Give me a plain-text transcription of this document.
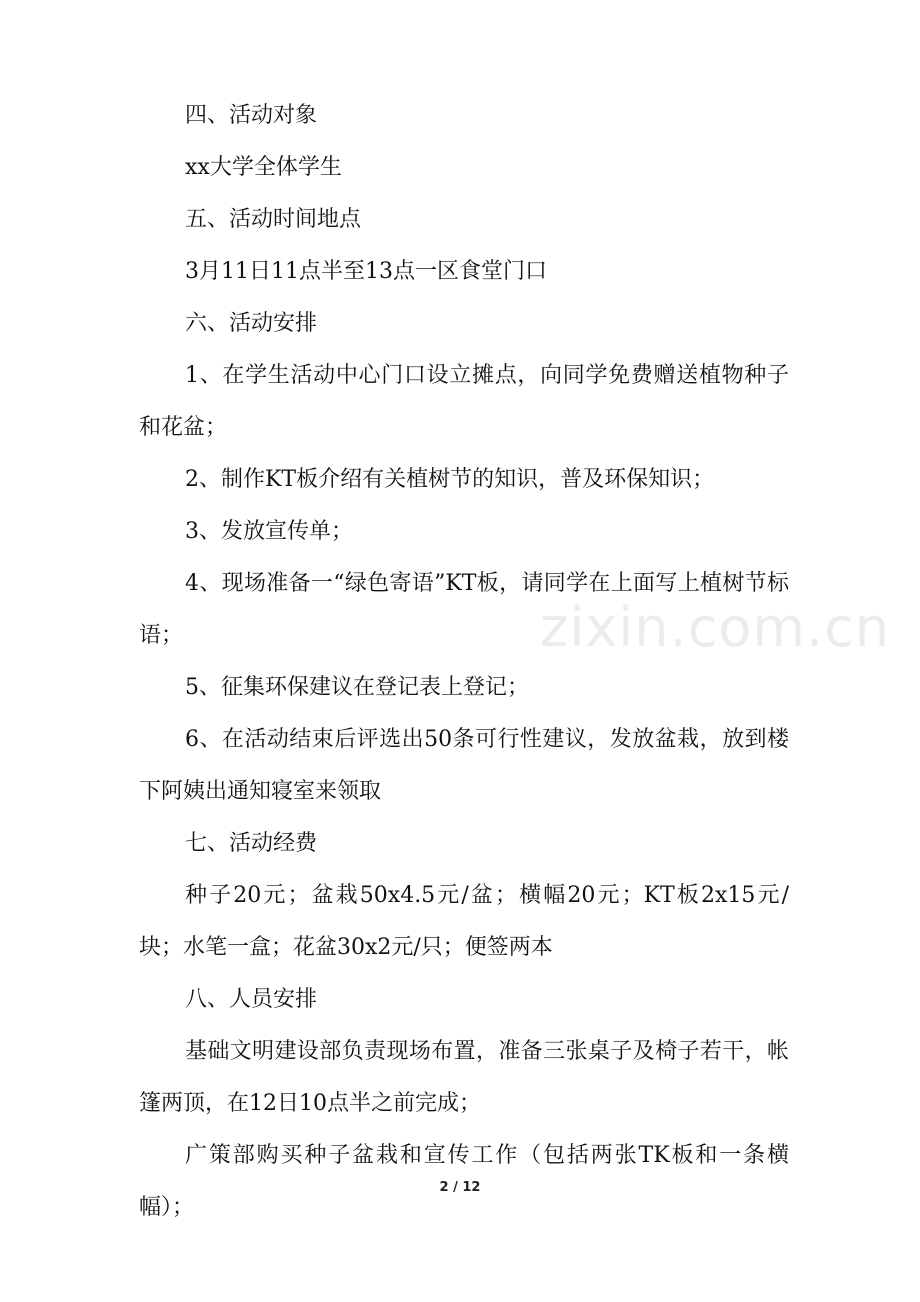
四、活动对象

xx大学全体学生

五、活动时间地点

3月11日11点半至13点一区食堂门口

六、活动安排

1、在学生活动中心门口设立摊点，向同学免费赠送植物种子和花盆；

2、制作KT板介绍有关植树节的知识，普及环保知识；

3、发放宣传单；

4、现场准备一“绿色寄语”KT板，请同学在上面写上植树节标语；

5、征集环保建议在登记表上登记；

6、在活动结束后评选出50条可行性建议，发放盆栽，放到楼下阿姨出通知寝室来领取

七、活动经费

种子20元；盆栽50x4.5元/盆；横幅20元；KT板2x15元/块；水笔一盒；花盆30x2元/只；便签两本

八、人员安排

基础文明建设部负责现场布置，准备三张桌子及椅子若干，帐篷两顶，在12日10点半之前完成；

广策部购买种子盆栽和宣传工作（包括两张TK板和一条横幅）；

zixin.com.cn
2 / 12
